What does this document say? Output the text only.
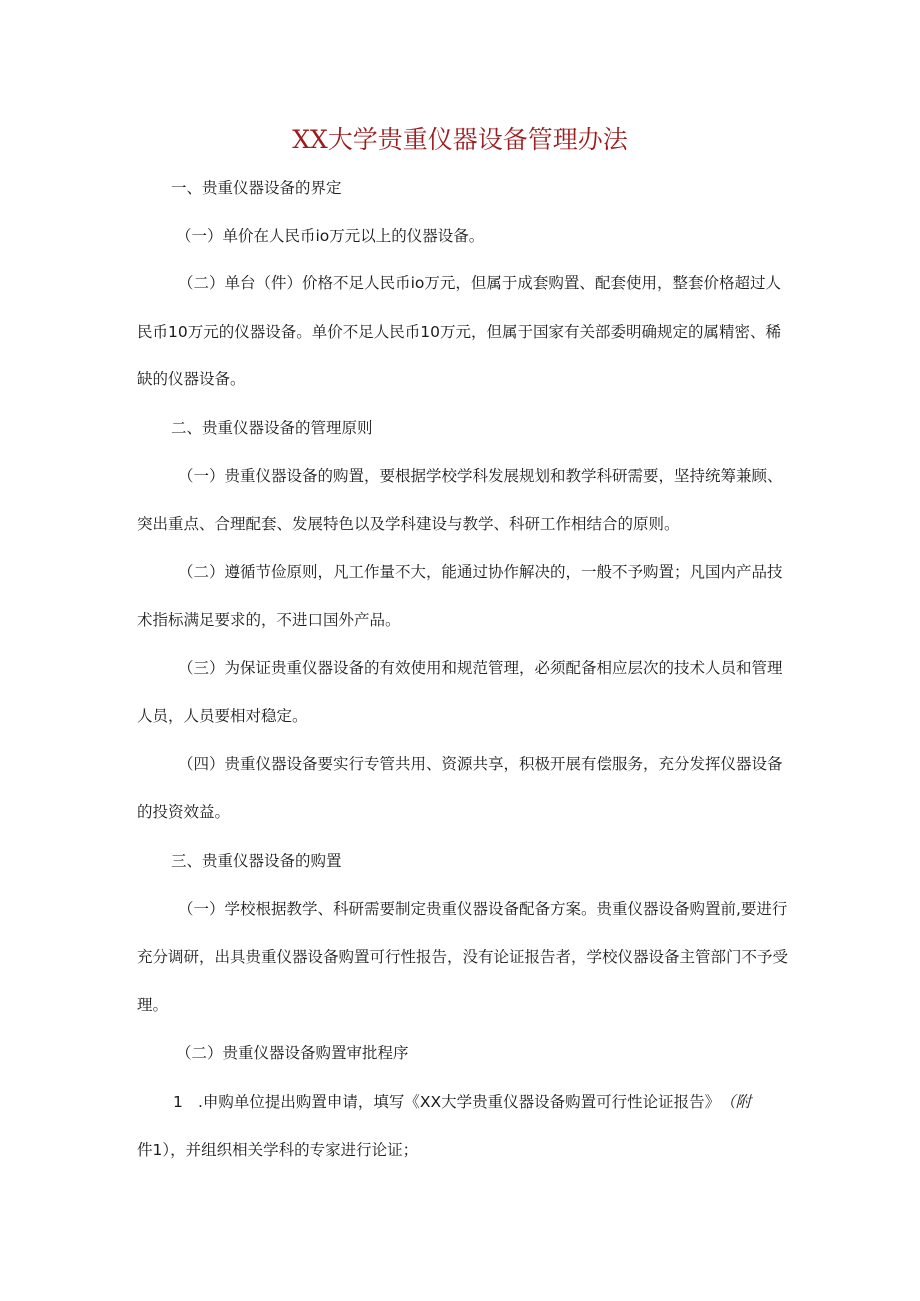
XX大学贵重仪器设备管理办法
一、贵重仪器设备的界定
（一）单价在人民币io万元以上的仪器设备。
（二）单台（件）价格不足人民币io万元，但属于成套购置、配套使用，整套价格超过人
民币10万元的仪器设备。单价不足人民币10万元，但属于国家有关部委明确规定的属精密、稀
缺的仪器设备。
二、贵重仪器设备的管理原则
（一）贵重仪器设备的购置，要根据学校学科发展规划和教学科研需要，坚持统筹兼顾、
突出重点、合理配套、发展特色以及学科建设与教学、科研工作相结合的原则。
（二）遵循节俭原则，凡工作量不大，能通过协作解决的，一般不予购置；凡国内产品技
术指标满足要求的，不进口国外产品。
（三）为保证贵重仪器设备的有效使用和规范管理，必须配备相应层次的技术人员和管理
人员，人员要相对稳定。
（四）贵重仪器设备要实行专管共用、资源共享，积极开展有偿服务，充分发挥仪器设备
的投资效益。
三、贵重仪器设备的购置
（一）学校根据教学、科研需要制定贵重仪器设备配备方案。贵重仪器设备购置前,要进行
充分调研，出具贵重仪器设备购置可行性报告，没有论证报告者，学校仪器设备主管部门不予受
理。
（二）贵重仪器设备购置审批程序
1 .申购单位提出购置申请，填写《XX大学贵重仪器设备购置可行性论证报告》 （附
件1），并组织相关学科的专家进行论证；
